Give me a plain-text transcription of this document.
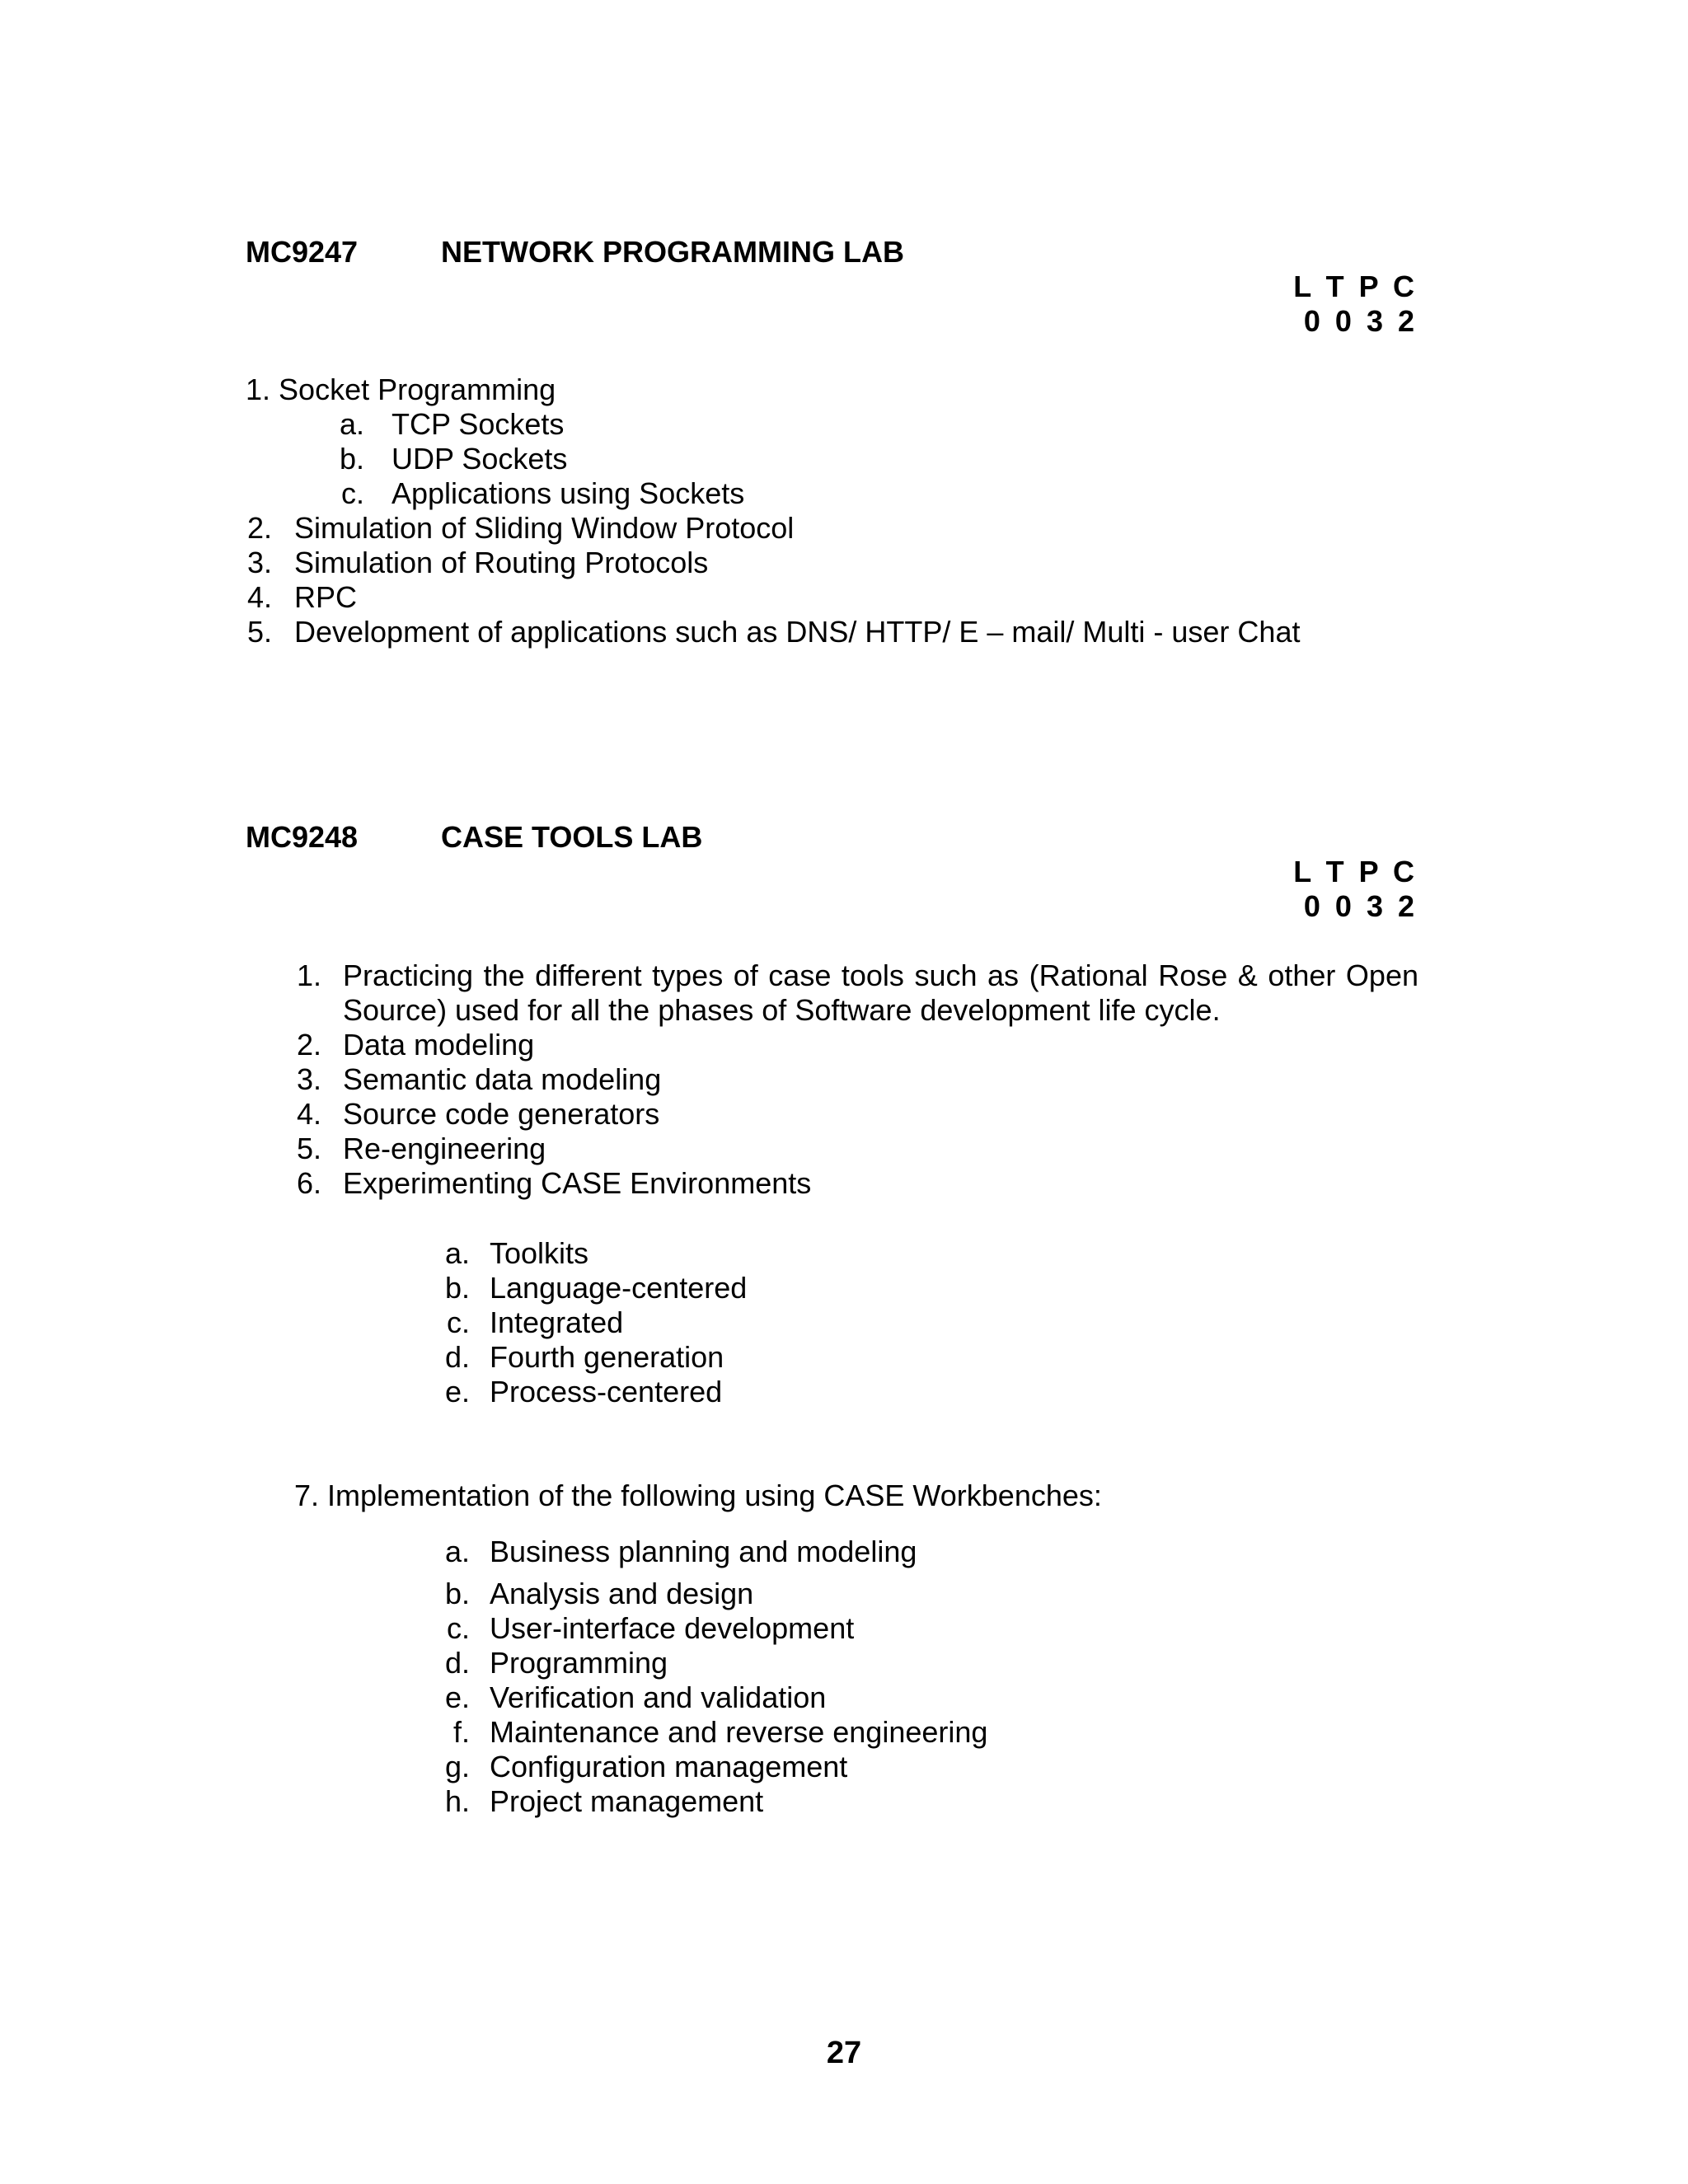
MC9247	NETWORK PROGRAMMING LAB
L T P C
0 0 3 2
1. Socket Programming
a. TCP Sockets
b. UDP Sockets
c. Applications using Sockets
2. Simulation of Sliding Window Protocol
3. Simulation of Routing Protocols
4. RPC
5. Development of applications such as DNS/ HTTP/ E – mail/ Multi - user Chat
MC9248	CASE TOOLS LAB
L T P C
0 0 3 2
1. Practicing the different types of case tools such as (Rational Rose & other Open
Source) used for all the phases of Software development life cycle.
2. Data modeling
3. Semantic data modeling
4. Source code generators
5. Re-engineering
6. Experimenting CASE Environments
a. Toolkits
b. Language-centered
c. Integrated
d. Fourth generation
e. Process-centered
7. Implementation of the following using CASE Workbenches:
a. Business planning and modeling
b. Analysis and design
c. User-interface development
d. Programming
e. Verification and validation
f. Maintenance and reverse engineering
g. Configuration management
h. Project management
27
